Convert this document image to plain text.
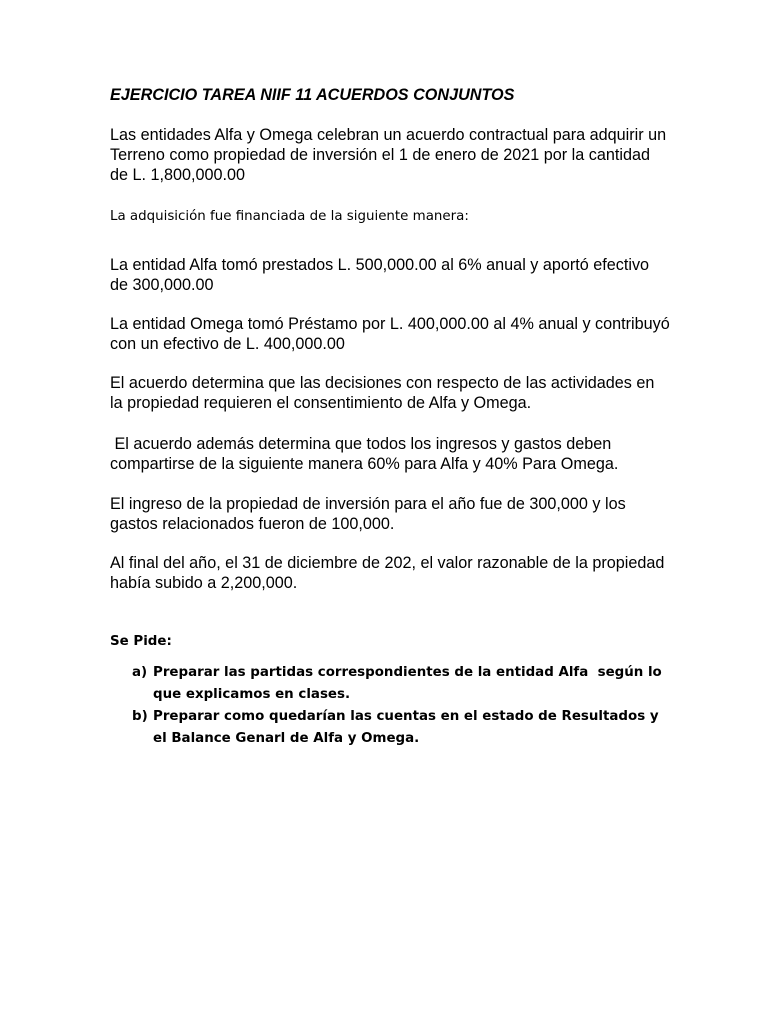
EJERCICIO TAREA NIIF 11 ACUERDOS CONJUNTOS

Las entidades Alfa y Omega celebran un acuerdo contractual para adquirir un Terreno como propiedad de inversión el 1 de enero de 2021 por la cantidad de L. 1,800,000.00

La adquisición fue financiada de la siguiente manera:

La entidad Alfa tomó prestados L. 500,000.00 al 6% anual y aportó efectivo de 300,000.00

La entidad Omega tomó Préstamo por L. 400,000.00 al 4% anual y contribuyó con un efectivo de L. 400,000.00

El acuerdo determina que las decisiones con respecto de las actividades en la propiedad requieren el consentimiento de Alfa y Omega.

El acuerdo además determina que todos los ingresos y gastos deben compartirse de la siguiente manera 60% para Alfa y 40% Para Omega.

El ingreso de la propiedad de inversión para el año fue de 300,000 y los gastos relacionados fueron de 100,000.

Al final del año, el 31 de diciembre de 202, el valor razonable de la propiedad había subido a 2,200,000.

Se Pide:
a) Preparar las partidas correspondientes de la entidad Alfa  según lo que explicamos en clases.
b) Preparar como quedarían las cuentas en el estado de Resultados y el Balance Genarl de Alfa y Omega.
